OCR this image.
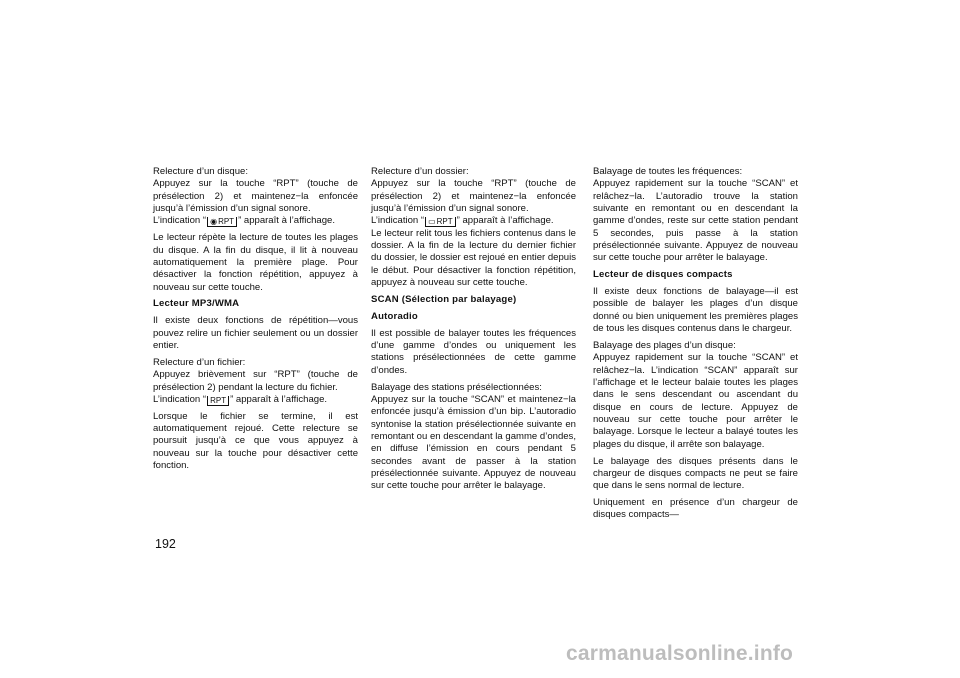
Relecture d’un disque:

Appuyez sur la touche “RPT” (touche de présélection 2) et maintenez−la enfoncée jusqu’à l’émission d’un signal sonore.

L’indication “ ◉RPT ” apparaît à l’affichage.

Le lecteur répète la lecture de toutes les plages du disque. A la fin du disque, il lit à nouveau automatiquement la première plage. Pour désactiver la fonction répétition, appuyez à nouveau sur cette touche.

Lecteur MP3/WMA

Il existe deux fonctions de répétition—vous pouvez relire un fichier seulement ou un dossier entier.

Relecture d’un fichier:

Appuyez brièvement sur “RPT” (touche de présélection 2) pendant la lecture du fichier.

L’indication “ RPT ” apparaît à l’affichage.

Lorsque le fichier se termine, il est automatiquement rejoué. Cette relecture se poursuit jusqu’à ce que vous appuyez à nouveau sur la touche pour désactiver cette fonction.

Relecture d’un dossier:

Appuyez sur la touche “RPT” (touche de présélection 2) et maintenez−la enfoncée jusqu’à l’émission d’un signal sonore.

L’indication “ ▭RPT ” apparaît à l’affichage.

Le lecteur relit tous les fichiers contenus dans le dossier. A la fin de la lecture du dernier fichier du dossier, le dossier est rejoué en entier depuis le début. Pour désactiver la fonction répétition, appuyez à nouveau sur cette touche.

SCAN (Sélection par balayage)
Autoradio

Il est possible de balayer toutes les fréquences d’une gamme d’ondes ou uniquement les stations présélectionnées de cette gamme d’ondes.

Balayage des stations présélectionnées:

Appuyez sur la touche “SCAN” et maintenez−la enfoncée jusqu’à émission d’un bip. L’autoradio syntonise la station présélectionnée suivante en remontant ou en descendant la gamme d’ondes, en diffuse l’émission en cours pendant 5 secondes avant de passer à la station présélectionnée suivante. Appuyez de nouveau sur cette touche pour arrêter le balayage.

Balayage de toutes les fréquences:

Appuyez rapidement sur la touche “SCAN” et relâchez−la. L’autoradio trouve la station suivante en remontant ou en descendant la gamme d’ondes, reste sur cette station pendant 5 secondes, puis passe à la station présélectionnée suivante. Appuyez de nouveau sur cette touche pour arrêter le balayage.

Lecteur de disques compacts

Il existe deux fonctions de balayage—il est possible de balayer les plages d’un disque donné ou bien uniquement les premières plages de tous les disques contenus dans le chargeur.

Balayage des plages d’un disque:

Appuyez rapidement sur la touche “SCAN” et relâchez−la. L’indication “SCAN” apparaît sur l’affichage et le lecteur balaie toutes les plages dans le sens descendant ou ascendant du disque en cours de lecture. Appuyez de nouveau sur cette touche pour arrêter le balayage. Lorsque le lecteur a balayé toutes les plages du disque, il arrête son balayage.

Le balayage des disques présents dans le chargeur de disques compacts ne peut se faire que dans le sens normal de lecture.

Uniquement en présence d’un chargeur de disques compacts—

192
carmanualsonline.info
